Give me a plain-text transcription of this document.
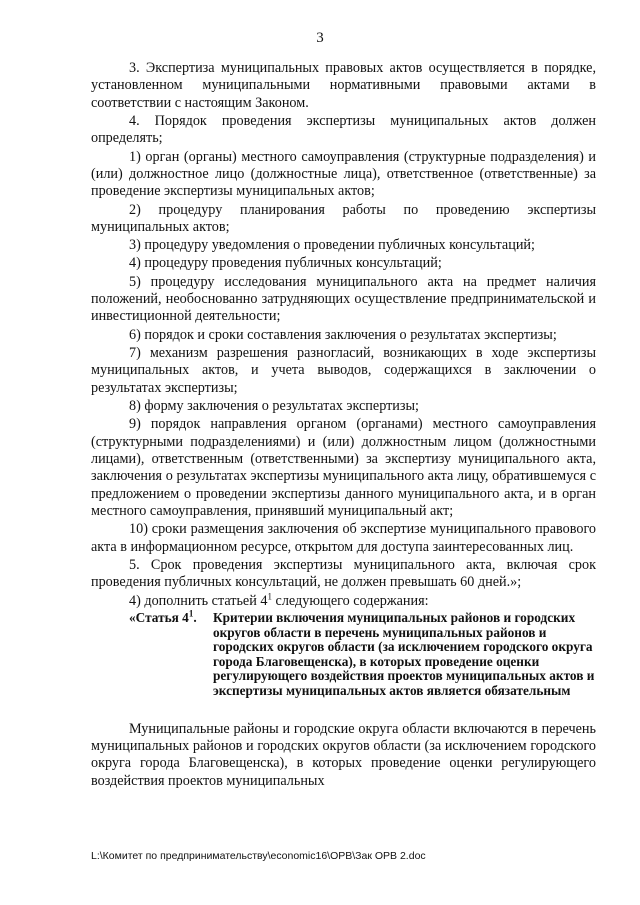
3

3. Экспертиза муниципальных правовых актов осуществляется в порядке, установленном муниципальными нормативными правовыми актами в соответствии с настоящим Законом.

4. Порядок проведения экспертизы муниципальных актов должен определять;

1) орган (органы) местного самоуправления (структурные подразделения) и (или) должностное лицо (должностные лица), ответственное (ответственные) за проведение экспертизы муниципальных актов;

2) процедуру планирования работы по проведению экспертизы муниципальных актов;

3) процедуру уведомления о проведении публичных консультаций;

4) процедуру проведения публичных консультаций;

5) процедуру исследования муниципального акта на предмет наличия положений, необоснованно затрудняющих осуществление предпринимательской и инвестиционной деятельности;

6) порядок и сроки составления заключения о результатах экспертизы;

7) механизм разрешения разногласий, возникающих в ходе экспертизы муниципальных актов, и учета выводов, содержащихся в заключении о результатах экспертизы;

8) форму заключения о результатах экспертизы;

9) порядок направления органом (органами) местного самоуправления (структурными подразделениями) и (или) должностным лицом (должностными лицами), ответственным (ответственными) за экспертизу муниципального акта, заключения о результатах экспертизы муниципального акта лицу, обратившемуся с предложением о проведении экспертизы данного муниципального акта, и в орган местного самоуправления, принявший муниципальный акт;

10) сроки размещения заключения об экспертизе муниципального правового акта в информационном ресурсе, открытом для доступа заинтересованных лиц.

5. Срок проведения экспертизы муниципального акта, включая срок проведения публичных консультаций, не должен превышать 60 дней.»;

4) дополнить статьей $4^1$ следующего содержания:

«Статья $4^1$.	Критерии включения муниципальных районов и городских округов области в перечень муниципальных районов и городских округов области (за исключением городского округа города Благовещенска), в которых проведение оценки регулирующего воздействия проектов муниципальных актов и экспертизы муниципальных актов является обязательным

Муниципальные районы и городские округа области включаются в перечень муниципальных районов и городских округов области (за исключением городского округа города Благовещенска), в которых проведение оценки регулирующего воздействия проектов муниципальных

L:\Комитет по предпринимательству\economic16\ОРВ\Зак ОРВ 2.doc
